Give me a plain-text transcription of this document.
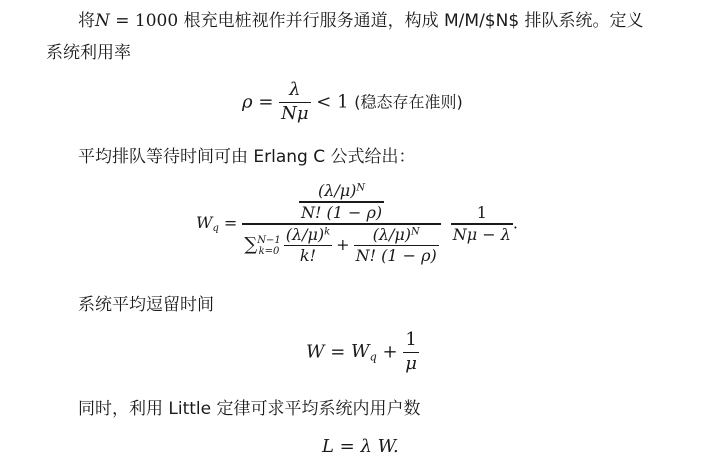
将N = 1000 根充电桩视作并行服务通道，构成 M/M/$N$ 排队系统。定义
系统利用率
$\rho = \frac{\lambda}{N\mu} < 1$ (稳态存在准则)
平均排队等待时间可由 Erlang C 公式给出：
$W_q$ =
$\frac{(\lambda/\mu)^N}{N! (1 - \rho)}$
∑ N−1
$k=0 \frac{(\lambda/\mu)^k}{k!} + \frac{(\lambda/\mu)^N}{N! (1 - \rho)}$
$\frac{1}{N\mu - \lambda}$ .
系统平均逗留时间
$W = W_q + \frac{1}{\mu}$
同时，利用 Little 定律可求平均系统内用户数
L = λ W.
